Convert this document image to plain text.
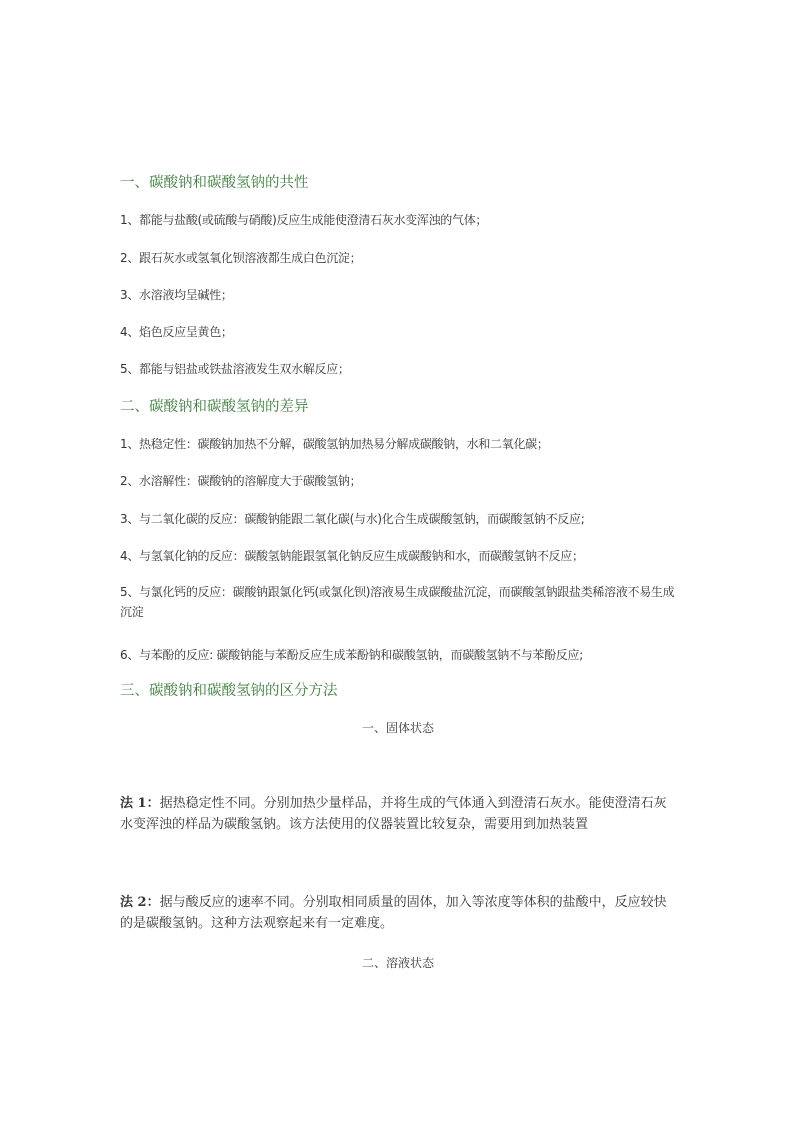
一、碳酸钠和碳酸氢钠的共性

1、都能与盐酸(或硫酸与硝酸)反应生成能使澄清石灰水变浑浊的气体；

2、跟石灰水或氢氧化钡溶液都生成白色沉淀；

3、水溶液均呈碱性；

4、焰色反应呈黄色；

5、都能与铝盐或铁盐溶液发生双水解反应；

二、碳酸钠和碳酸氢钠的差异

1、热稳定性：碳酸钠加热不分解，碳酸氢钠加热易分解成碳酸钠，水和二氧化碳；

2、水溶解性：碳酸钠的溶解度大于碳酸氢钠；

3、与二氧化碳的反应：碳酸钠能跟二氧化碳(与水)化合生成碳酸氢钠，而碳酸氢钠不反应;

4、与氢氧化钠的反应：碳酸氢钠能跟氢氧化钠反应生成碳酸钠和水，而碳酸氢钠不反应；

5、与氯化钙的反应：碳酸钠跟氯化钙(或氯化钡)溶液易生成碳酸盐沉淀，而碳酸氢钠跟盐类稀溶液不易生成沉淀

6、与苯酚的反应: 碳酸钠能与苯酚反应生成苯酚钠和碳酸氢钠，而碳酸氢钠不与苯酚反应;

三、碳酸钠和碳酸氢钠的区分方法

一、固体状态

法 1：据热稳定性不同。分别加热少量样品，并将生成的气体通入到澄清石灰水。能使澄清石灰水变浑浊的样品为碳酸氢钠。该方法使用的仪器装置比较复杂，需要用到加热装置

法 2：据与酸反应的速率不同。分别取相同质量的固体，加入等浓度等体积的盐酸中，反应较快的是碳酸氢钠。这种方法观察起来有一定难度。

二、溶液状态
